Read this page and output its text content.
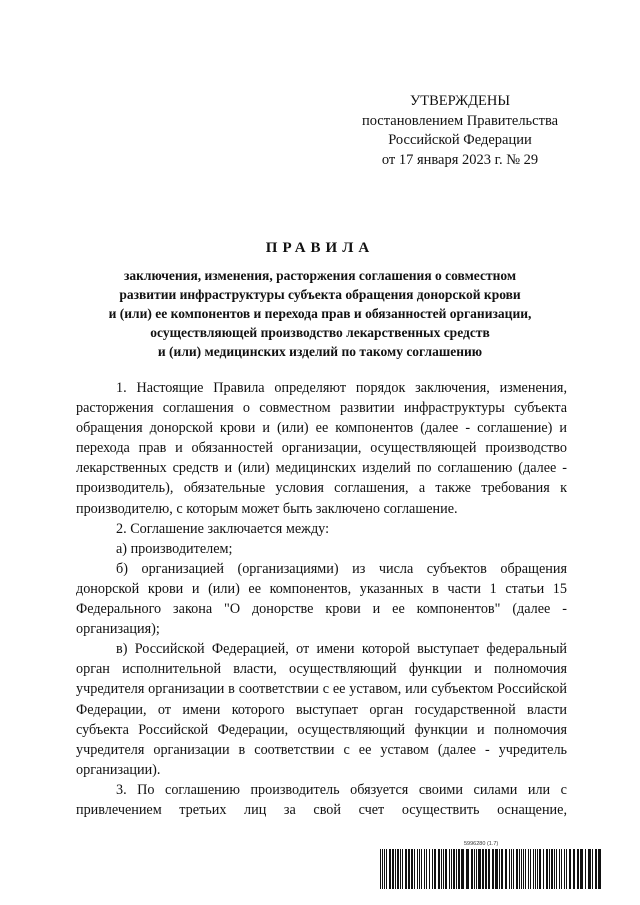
УТВЕРЖДЕНЫ
постановлением Правительства
Российской Федерации
от 17 января 2023 г. № 29
ПРАВИЛА
заключения, изменения, расторжения соглашения о совместном
развитии инфраструктуры субъекта обращения донорской крови
и (или) ее компонентов и перехода прав и обязанностей организации,
осуществляющей производство лекарственных средств
и (или) медицинских изделий по такому соглашению

1. Настоящие Правила определяют порядок заключения, изменения, расторжения соглашения о совместном развитии инфраструктуры субъекта обращения донорской крови и (или) ее компонентов (далее - соглашение) и перехода прав и обязанностей организации, осуществляющей производство лекарственных средств и (или) медицинских изделий по соглашению (далее - производитель), обязательные условия соглашения, а также требования к производителю, с которым может быть заключено соглашение.

2. Соглашение заключается между:

а) производителем;

б) организацией (организациями) из числа субъектов обращения донорской крови и (или) ее компонентов, указанных в части 1 статьи 15 Федерального закона "О донорстве крови и ее компонентов" (далее - организация);

в) Российской Федерацией, от имени которой выступает федеральный орган исполнительной власти, осуществляющий функции и полномочия учредителя организации в соответствии с ее уставом, или субъектом Российской Федерации, от имени которого выступает орган государственной власти субъекта Российской Федерации, осуществляющий функции и полномочия учредителя организации в соответствии с ее уставом (далее - учредитель организации).

3. По соглашению производитель обязуется своими силами или с привлечением третьих лиц за свой счет осуществить оснащение,

5996280 (1.7)
